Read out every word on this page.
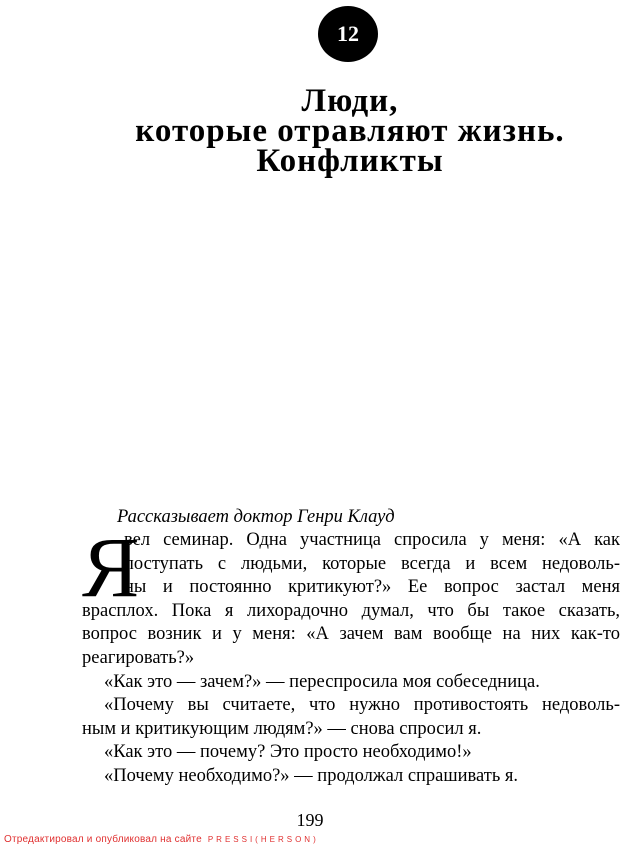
12
Люди,
которые отравляют жизнь.
Конфликты
Рассказывает доктор Генри Клауд
Я
вел семинар. Одна участница спросила у меня: «А как
поступать с людьми, которые всегда и всем недоволь-
ны и постоянно критикуют?» Ее вопрос застал меня
врасплох. Пока я лихорадочно думал, что бы такое сказать,
вопрос возник и у меня: «А зачем вам вообще на них как-то
реагировать?»
«Как это — зачем?» — переспросила моя собеседница.
«Почему вы считаете, что нужно противостоять недоволь-
ным и критикующим людям?» — снова спросил я.
«Как это — почему? Это просто необходимо!»
«Почему необходимо?» — продолжал спрашивать я.
199
Отредактировал и опубликовал на сайте PRESSI(HERSON)
